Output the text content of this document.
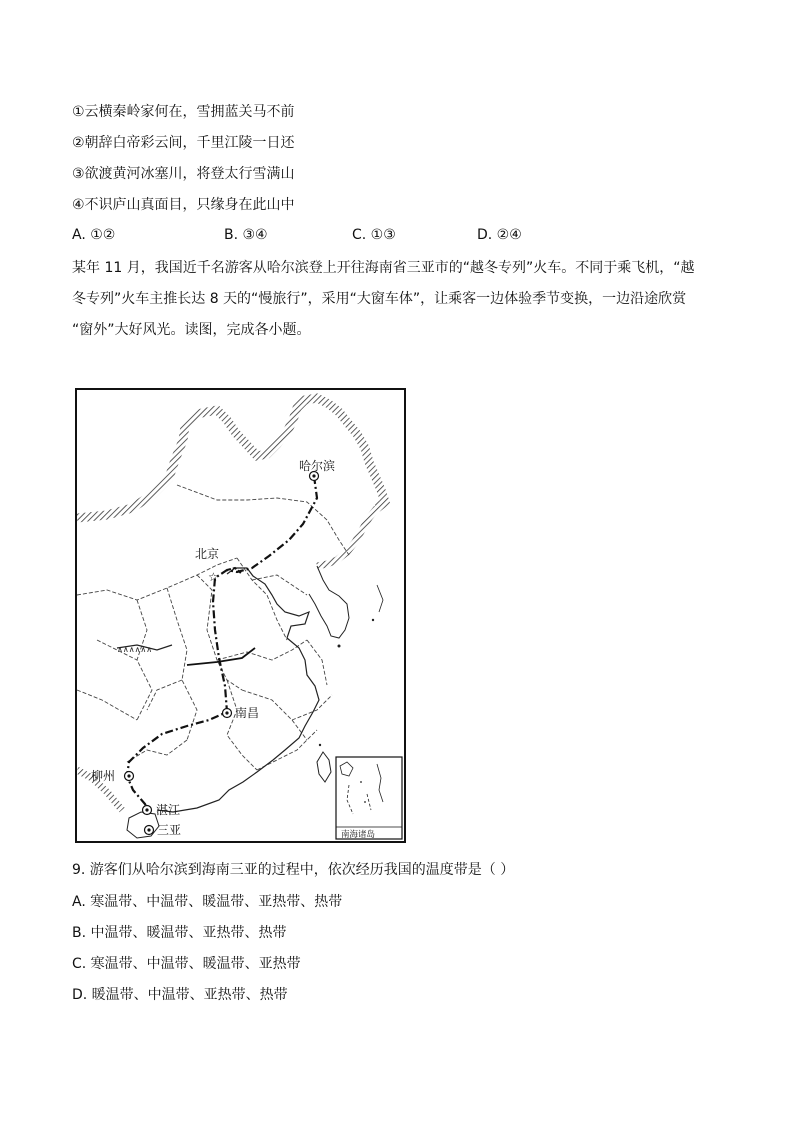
①云横秦岭家何在，雪拥蓝关马不前
②朝辞白帝彩云间，千里江陵一日还
③欲渡黄河冰塞川，将登太行雪满山
④不识庐山真面目，只缘身在此山中
A. ①②	B. ③④	C. ①③	D. ②④
某年 11 月，我国近千名游客从哈尔滨登上开往海南省三亚市的“越冬专列”火车。不同于乘飞机，“越
冬专列”火车主推长达 8 天的“慢旅行”，采用“大窗车体”，让乘客一边体验季节变换，一边沿途欣赏
“窗外”大好风光。读图，完成各小题。
∧∧∧∧∧∧
☆
哈尔滨
北京
南昌
柳州
湛江
三亚	南海诸岛
9. 游客们从哈尔滨到海南三亚的过程中，依次经历我国的温度带是（ ）
A. 寒温带、中温带、暖温带、亚热带、热带
B. 中温带、暖温带、亚热带、热带
C. 寒温带、中温带、暖温带、亚热带
D. 暖温带、中温带、亚热带、热带
